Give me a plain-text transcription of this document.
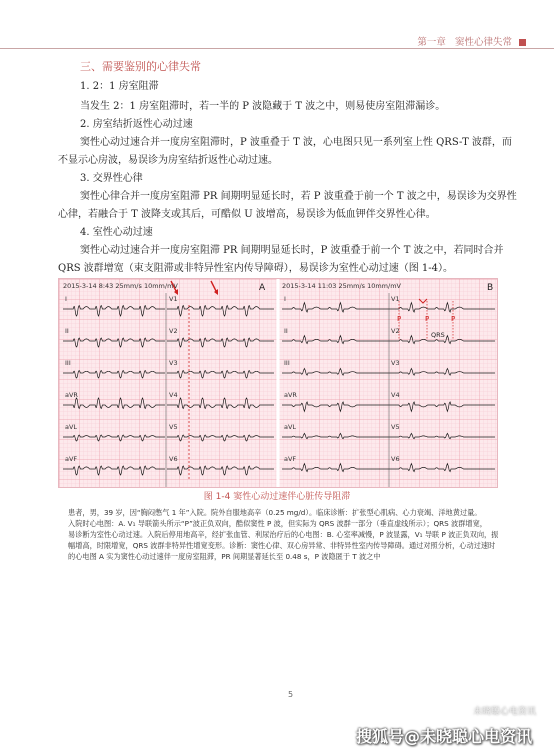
第一章 窦性心律失常
三、需要鉴别的心律失常
1. 2：1 房室阻滞
当发生 2：1 房室阻滞时，若一半的 P 波隐藏于 T 波之中，则易使房室阻滞漏诊。
2. 房室结折返性心动过速
窦性心动过速合并一度房室阻滞时，P 波重叠于 T 波，心电图只见一系列室上性 QRS-T 波群，而
不显示心房波，易误诊为房室结折返性心动过速。
3. 交界性心律
窦性心律合并一度房室阻滞 PR 间期明显延长时，若 P 波重叠于前一个 T 波之中，易误诊为交界性
心律，若融合于 T 波降支或其后，可酷似 U 波增高，易误诊为低血钾伴交界性心律。
4. 室性心动过速
I
II
III
aVR
aVL
aVF
V1
V2
V3
V4
V5
V6
I
II
III
aVR
aVL
aVF
V1
V2
V3
V4
V5
V6
2015-3-14 8:43 25mm/s 10mm/mV	2015-3-14 11:03 25mm/s 10mm/mV
A	B
P	P	P
QRS
图 1-4 窦性心动过速伴心脏传导阻滞
患者，男，39 岁，因“胸闷憋气 1 年”入院。院外自服地高辛（0.25 mg/d）。临床诊断：扩张型心肌病、心力衰竭、洋地黄过量。
入院时心电图：A. V₁ 导联箭头所示“P”波正负双向，酷似窦性 P 波，但实际为 QRS 波群一部分（垂直虚线所示）；QRS 波群增宽，
易诊断为室性心动过速。入院后停用地高辛，经扩张血管、利尿治疗后的心电图：B. 心室率减慢，P 波显露，V₁ 导联 P 波正负双向，振
幅增高，时限增宽，QRS 波群非特异性增宽变形。诊断：窦性心律、双心房异常、非特异性室内传导障碍。通过对照分析，心动过速时
的心电图 A 实为窦性心动过速伴一度房室阻滞，PR 间期显著延长至 0.48 s，P 波隐匿于 T 波之中
5
未晓聪心电资讯
搜狐号@未晓聪心电资讯
窦性心动过速合并一度房室阻滞 PR 间期明显延长时，P 波重叠于前一个 T 波之中，若同时合并
QRS 波群增宽（束支阻滞或非特异性室内传导障碍），易误诊为室性心动过速（图 1-4）。
